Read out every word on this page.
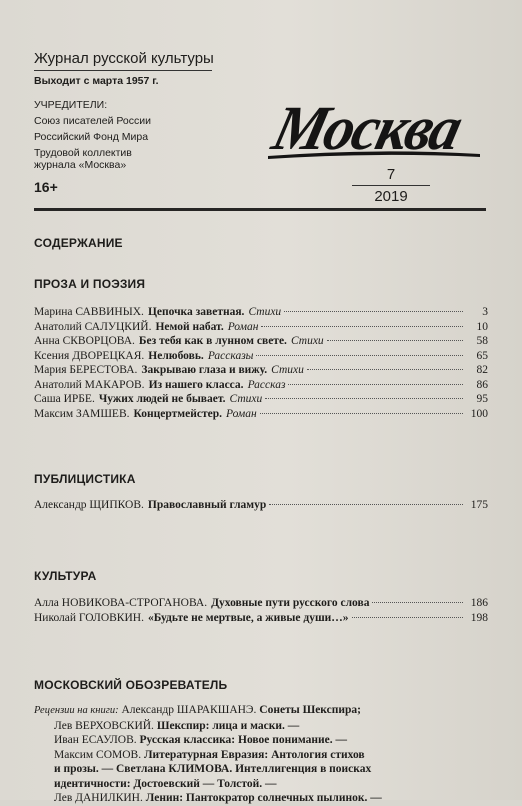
Журнал русской культуры
Выходит с марта 1957 г.
УЧРЕДИТЕЛИ:
Союз писателей России
Российский Фонд Мира
Трудовой коллектив журнала «Москва»
16+
Москва
7
2019
СОДЕРЖАНИЕ
ПРОЗА И ПОЭЗИЯ
Марина САВВИНЫХ. Цепочка заветная. Стихи	3
Анатолий САЛУЦКИЙ. Немой набат. Роман	10
Анна СКВОРЦОВА. Без тебя как в лунном свете. Стихи	58
Ксения ДВОРЕЦКАЯ. Нелюбовь. Рассказы	65
Мария БЕРЕСТОВА. Закрываю глаза и вижу. Стихи	82
Анатолий МАКАРОВ. Из нашего класса. Рассказ	86
Саша ИРБЕ. Чужих людей не бывает. Стихи	95
Максим ЗАМШЕВ. Концертмейстер. Роман	100
ПУБЛИЦИСТИКА
Александр ЩИПКОВ. Православный гламур	175
КУЛЬТУРА
Алла НОВИКОВА-СТРОГАНОВА. Духовные пути русского слова	186
Николай ГОЛОВКИН. «Будьте не мертвые, а живые души…»	198
МОСКОВСКИЙ ОБОЗРЕВАТЕЛЬ
Рецензии на книги: Александр ШАРАКШАНЭ. Сонеты Шекспира;
Лев ВЕРХОВСКИЙ. Шекспир: лица и маски. —
Иван ЕСАУЛОВ. Русская классика: Новое понимание. —
Максим СОМОВ. Литературная Евразия: Антология стихов
и прозы. — Светлана КЛИМОВА. Интеллигенция в поисках
идентичности: Достоевский — Толстой. —
Лев ДАНИЛКИН. Ленин: Пантократор солнечных пылинок. —
